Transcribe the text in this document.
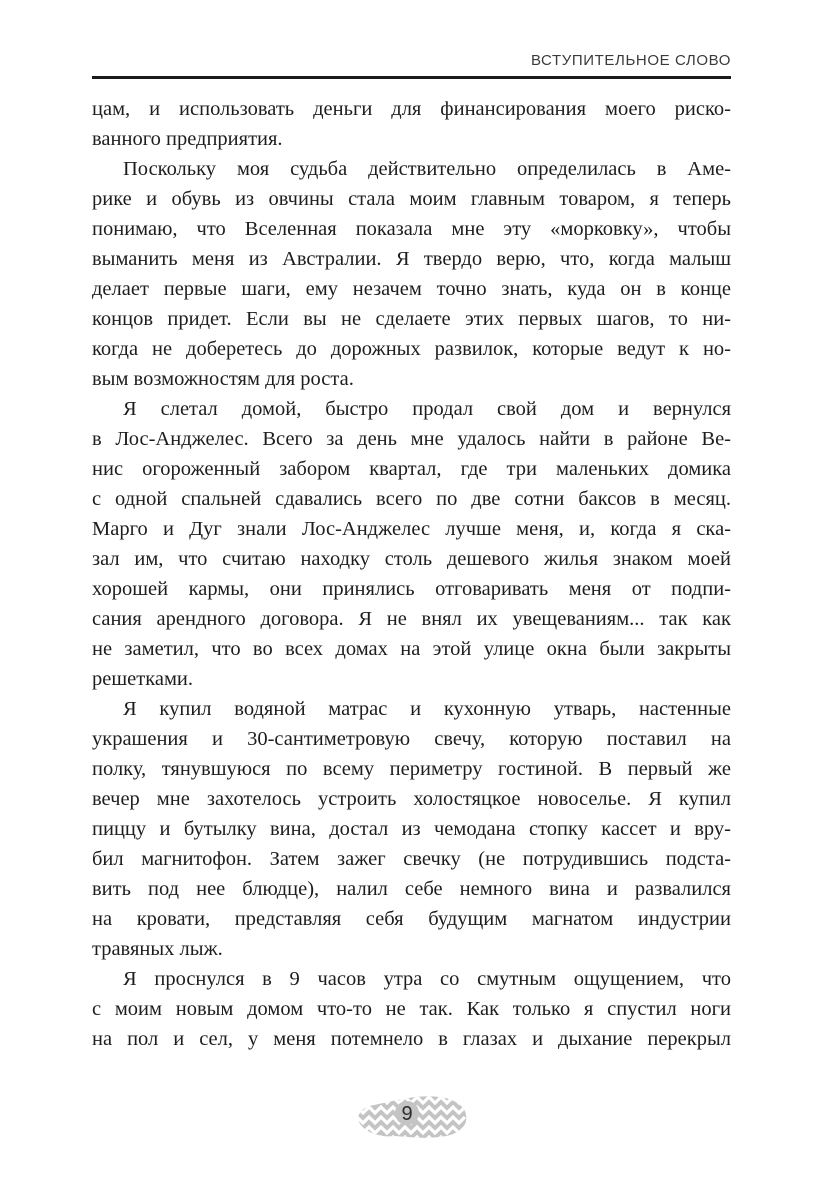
ВСТУПИТЕЛЬНОЕ СЛОВО
цам, и использовать деньги для финансирования моего риско-
ванного предприятия.
Поскольку моя судьба действительно определилась в Аме-
рике и обувь из овчины стала моим главным товаром, я теперь
понимаю, что Вселенная показала мне эту «морковку», чтобы
выманить меня из Австралии. Я твердо верю, что, когда малыш
делает первые шаги, ему незачем точно знать, куда он в конце
концов придет. Если вы не сделаете этих первых шагов, то ни-
когда не доберетесь до дорожных развилок, которые ведут к но-
вым возможностям для роста.
Я слетал домой, быстро продал свой дом и вернулся
в Лос-Анджелес. Всего за день мне удалось найти в районе Ве-
нис огороженный забором квартал, где три маленьких домика
с одной спальней сдавались всего по две сотни баксов в месяц.
Марго и Дуг знали Лос-Анджелес лучше меня, и, когда я ска-
зал им, что считаю находку столь дешевого жилья знаком моей
хорошей кармы, они принялись отговаривать меня от подпи-
сания арендного договора. Я не внял их увещеваниям... так как
не заметил, что во всех домах на этой улице окна были закрыты
решетками.
Я купил водяной матрас и кухонную утварь, настенные
украшения и 30-сантиметровую свечу, которую поставил на
полку, тянувшуюся по всему периметру гостиной. В первый же
вечер мне захотелось устроить холостяцкое новоселье. Я купил
пиццу и бутылку вина, достал из чемодана стопку кассет и вру-
бил магнитофон. Затем зажег свечку (не потрудившись подста-
вить под нее блюдце), налил себе немного вина и развалился
на кровати, представляя себя будущим магнатом индустрии
травяных лыж.
Я проснулся в 9 часов утра со смутным ощущением, что
с моим новым домом что-то не так. Как только я спустил ноги
на пол и сел, у меня потемнело в глазах и дыхание перекрыл
9
